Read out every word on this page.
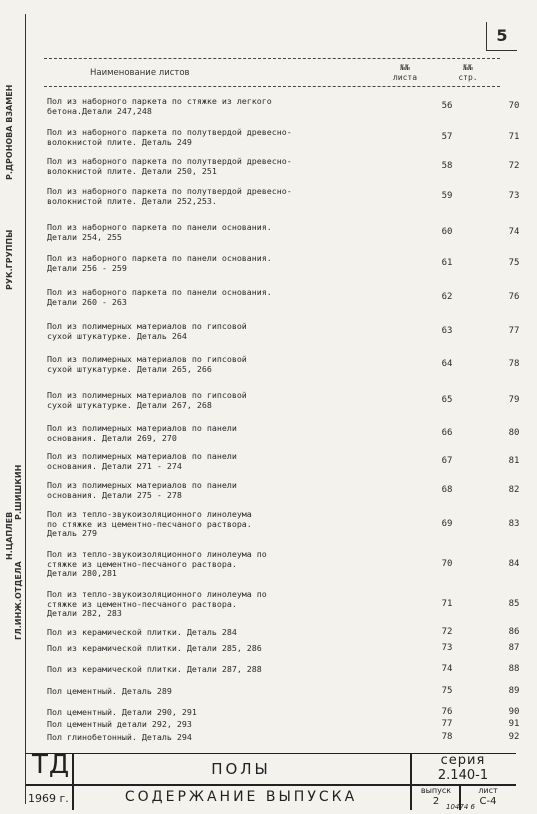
Р.ДРОНОВА ВЗАМЕН
РУК.ГРУППЫ
Н.ЦАПЛЕВ
ГЛ.ИНЖ.ОТДЕЛА
Р.ШИШКИН
5
Наименование листов
№№
листа
№№
стр.
Пол из наборного паркета по стяжке из легкого
бетона.Детали 247,248	56	70
Пол из наборного паркета по полутвердой древесно-
волокнистой плите. Деталь 249	57	71
Пол из наборного паркета по полутвердой древесно-
волокнистой плите. Детали 250, 251	58	72
Пол из наборного паркета по полутвердой древесно-
волокнистой плите. Детали 252,253.	59	73
Пол из наборного паркета по панели основания.
Детали 254, 255	60	74
Пол из наборного паркета по панели основания.
Детали 256 - 259	61	75
Пол из наборного паркета по панели основания.
Детали 260 - 263	62	76
Пол из полимерных материалов по гипсовой
сухой штукатурке. Деталь 264	63	77
Пол из полимерных материалов по гипсовой
сухой штукатурке. Детали 265, 266	64	78
Пол из полимерных материалов по гипсовой
сухой штукатурке. Детали 267, 268	65	79
Пол из полимерных материалов по панели
основания. Детали 269, 270	66	80
Пол из полимерных материалов по панели
основания. Детали 271 - 274	67	81
Пол из полимерных материалов по панели
основания. Детали 275 - 278	68	82
Пол из тепло-звукоизоляционного линолеума
по стяжке из цементно-песчаного раствора.
Деталь 279
69	83
Пол из тепло-звукоизоляционного линолеума по
стяжке из цементно-песчаного раствора.
Детали 280,281
70	84
Пол из тепло-звукоизоляционного линолеума по
стяжке из цементно-песчаного раствора.
Детали 282, 283
71	85
Пол из керамической плитки. Деталь 284	72	86
Пол из керамической плитки. Детали 285, 286	73	87
Пол из керамической плитки. Детали 287, 288	74	88
Пол цементный. Деталь 289	75	89
Пол цементный. Детали 290, 291	76	90
Пол цементный детали 292, 293	77	91
Пол глинобетонный. Деталь 294	78	92
ТД
1969 г.
ПОЛЫ
СОДЕРЖАНИЕ ВЫПУСКА
серия
2.140-1
выпуск
2
лист
С-4
10474 6
